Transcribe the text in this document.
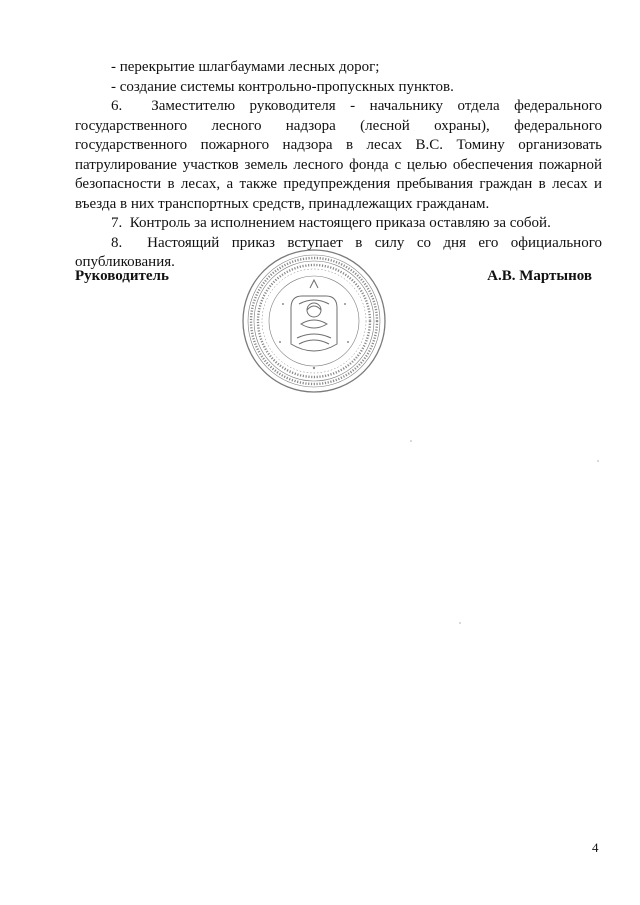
- перекрытие шлагбаумами лесных дорог;

- создание системы контрольно-пропускных пунктов.

6.  Заместителю руководителя - начальнику отдела федерального государственного лесного надзора (лесной охраны), федерального государственного пожарного надзора в лесах В.С. Томину организовать патрулирование участков земель лесного фонда с целью обеспечения пожарной безопасности в лесах, а также предупреждения пребывания граждан в лесах и въезда в них транспортных средств, принадлежащих гражданам.

7.  Контроль за исполнением настоящего приказа оставляю за собой.

8.  Настоящий приказ вступает в силу со дня его официального опубликования.

Руководитель	А.В. Мартынов
4
